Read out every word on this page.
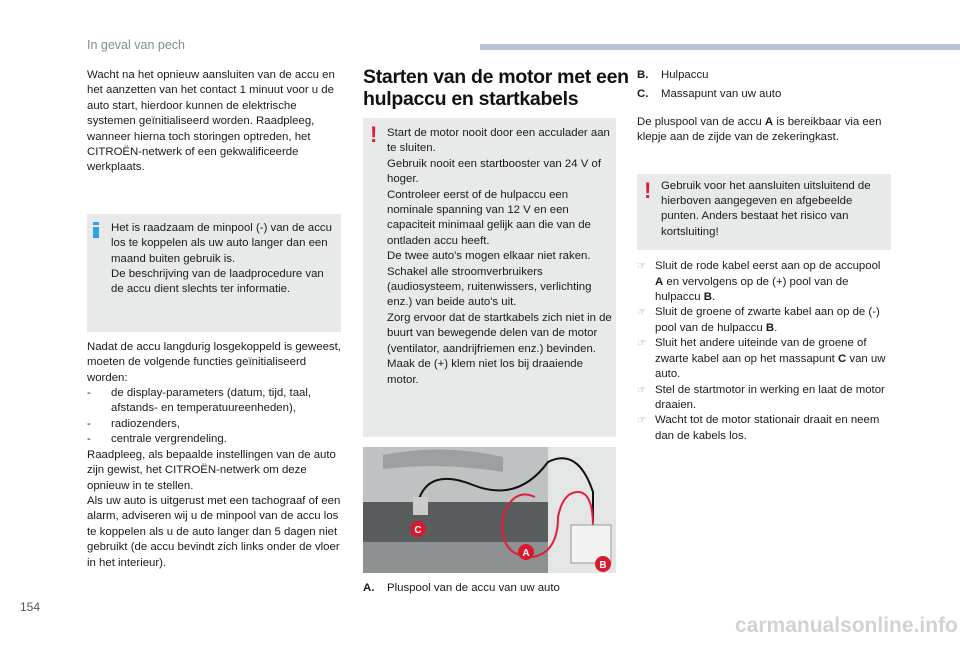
In geval van pech
Wacht na het opnieuw aansluiten van de accu en het aanzetten van het contact 1 minuut voor u de auto start, hierdoor kunnen de elektrische systemen geïnitialiseerd worden. Raadpleeg, wanneer hierna toch storingen optreden, het CITROËN-netwerk of een gekwalificeerde werkplaats.
Het is raadzaam de minpool (-) van de accu los te koppelen als uw auto langer dan een maand buiten gebruik is.
De beschrijving van de laadprocedure van de accu dient slechts ter informatie.
Nadat de accu langdurig losgekoppeld is geweest, moeten de volgende functies geïnitialiseerd worden:
-	de display-parameters (datum, tijd, taal, afstands- en temperatuureenheden),
-	radiozenders,
-	centrale vergrendeling.
Raadpleeg, als bepaalde instellingen van de auto zijn gewist, het CITROËN-netwerk om deze opnieuw in te stellen.
Als uw auto is uitgerust met een tachograaf of een alarm, adviseren wij u de minpool van de accu los te koppelen als u de auto langer dan 5 dagen niet gebruikt (de accu bevindt zich links onder de vloer in het interieur).
Starten van de motor met een hulpaccu en startkabels
! Start de motor nooit door een acculader aan te sluiten.
Gebruik nooit een startbooster van 24 V of hoger.
Controleer eerst of de hulpaccu een nominale spanning van 12 V en een capaciteit minimaal gelijk aan die van de ontladen accu heeft.
De twee auto's mogen elkaar niet raken.
Schakel alle stroomverbruikers (audiosysteem, ruitenwissers, verlichting enz.) van beide auto's uit.
Zorg ervoor dat de startkabels zich niet in de buurt van bewegende delen van de motor (ventilator, aandrijfriemen enz.) bevinden.
Maak de (+) klem niet los bij draaiende motor.
C
A
B
A.	Pluspool van de accu van uw auto
B.	Hulpaccu
C.	Massapunt van uw auto
De pluspool van de accu A is bereikbaar via een klepje aan de zijde van de zekeringkast.
! Gebruik voor het aansluiten uitsluitend de hierboven aangegeven en afgebeelde punten. Anders bestaat het risico van kortsluiting!
☞ Sluit de rode kabel eerst aan op de accupool A en vervolgens op de (+) pool van de hulpaccu B.
☞ Sluit de groene of zwarte kabel aan op de (-) pool van de hulpaccu B.
☞ Sluit het andere uiteinde van de groene of zwarte kabel aan op het massapunt C van uw auto.
☞ Stel de startmotor in werking en laat de motor draaien.
☞ Wacht tot de motor stationair draait en neem dan de kabels los.
154
carmanualsonline.info
